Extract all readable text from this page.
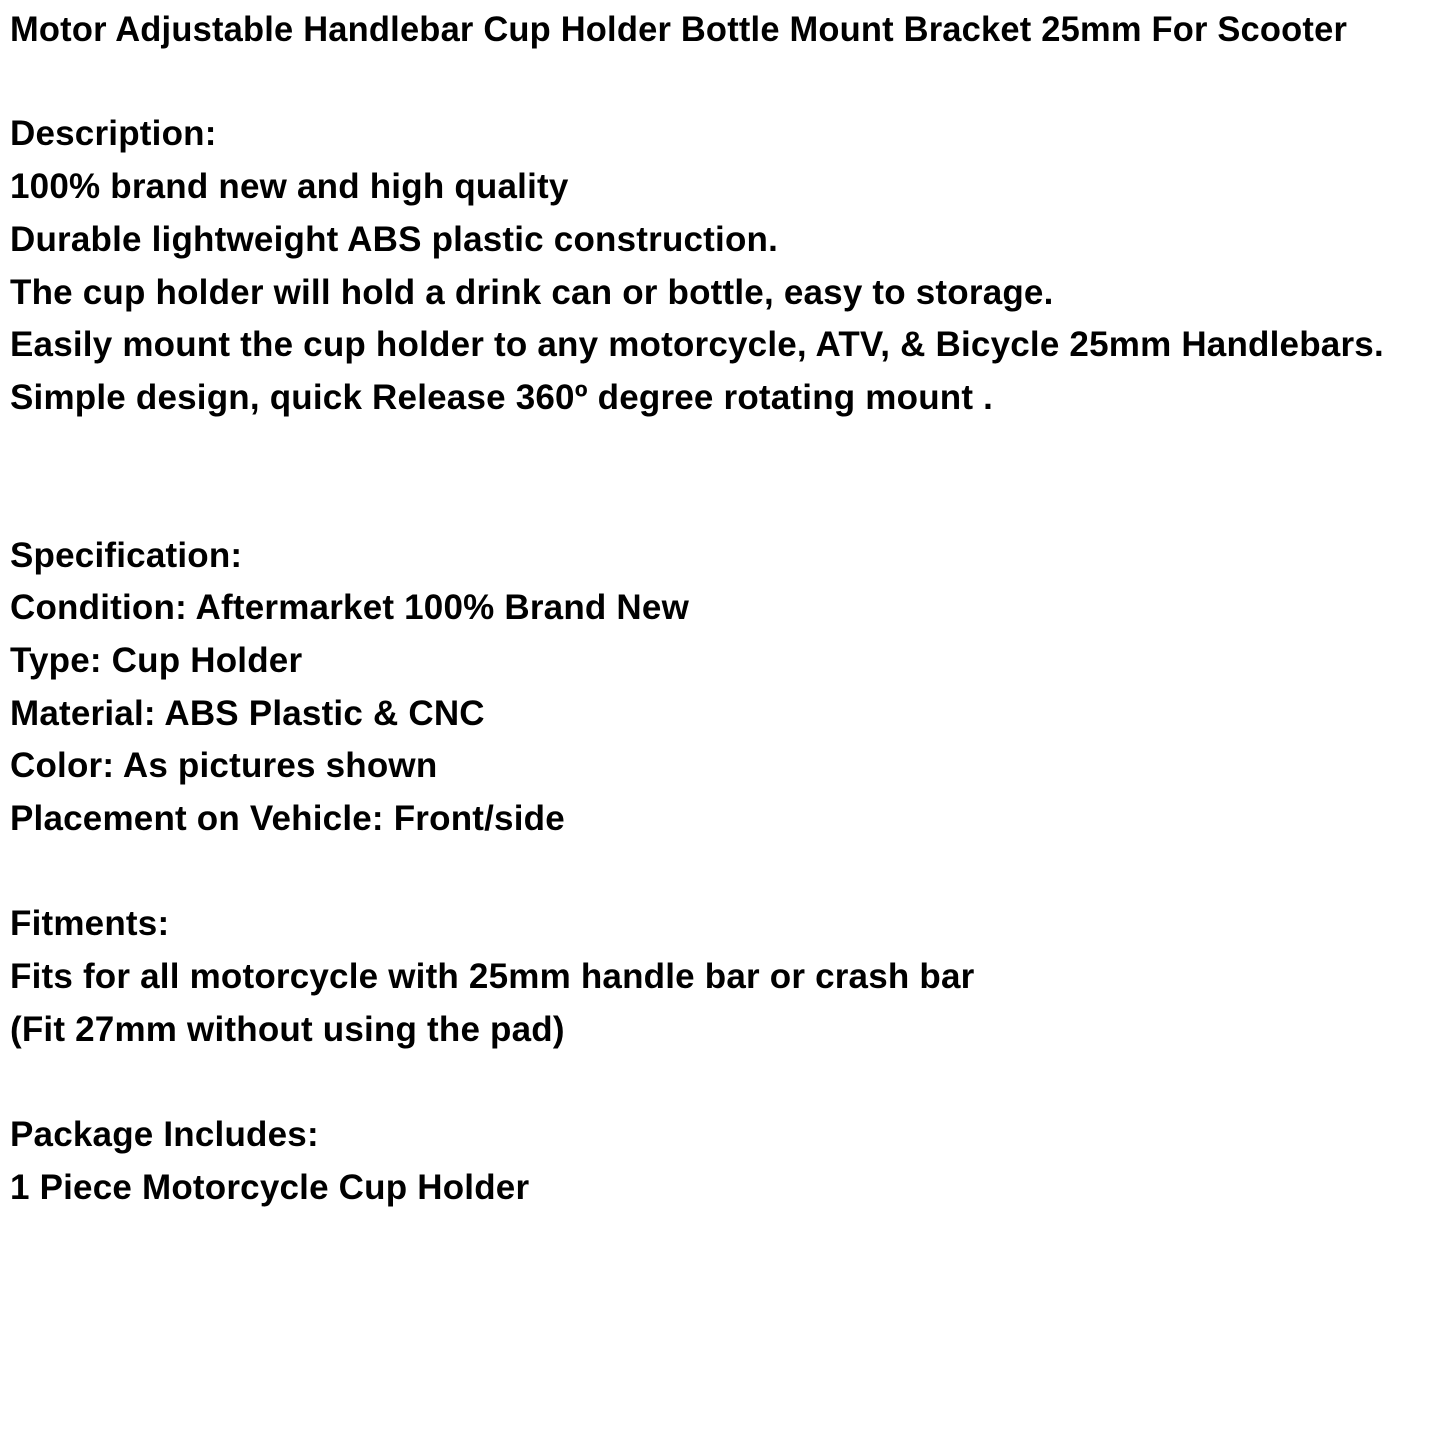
Motor Adjustable Handlebar Cup Holder Bottle Mount Bracket 25mm For Scooter
Description:
100% brand new and high quality
Durable lightweight ABS plastic construction.
The cup holder will hold a drink can or bottle, easy to storage.
Easily mount the cup holder to any motorcycle, ATV, & Bicycle 25mm Handlebars.
Simple design, quick Release 360º degree rotating mount .
Specification:
Condition: Aftermarket 100% Brand New
Type: Cup Holder
Material: ABS Plastic & CNC
Color: As pictures shown
Placement on Vehicle: Front/side
Fitments:
Fits for all motorcycle with 25mm handle bar or crash bar
(Fit 27mm without using the pad)
Package Includes:
1 Piece Motorcycle Cup Holder
